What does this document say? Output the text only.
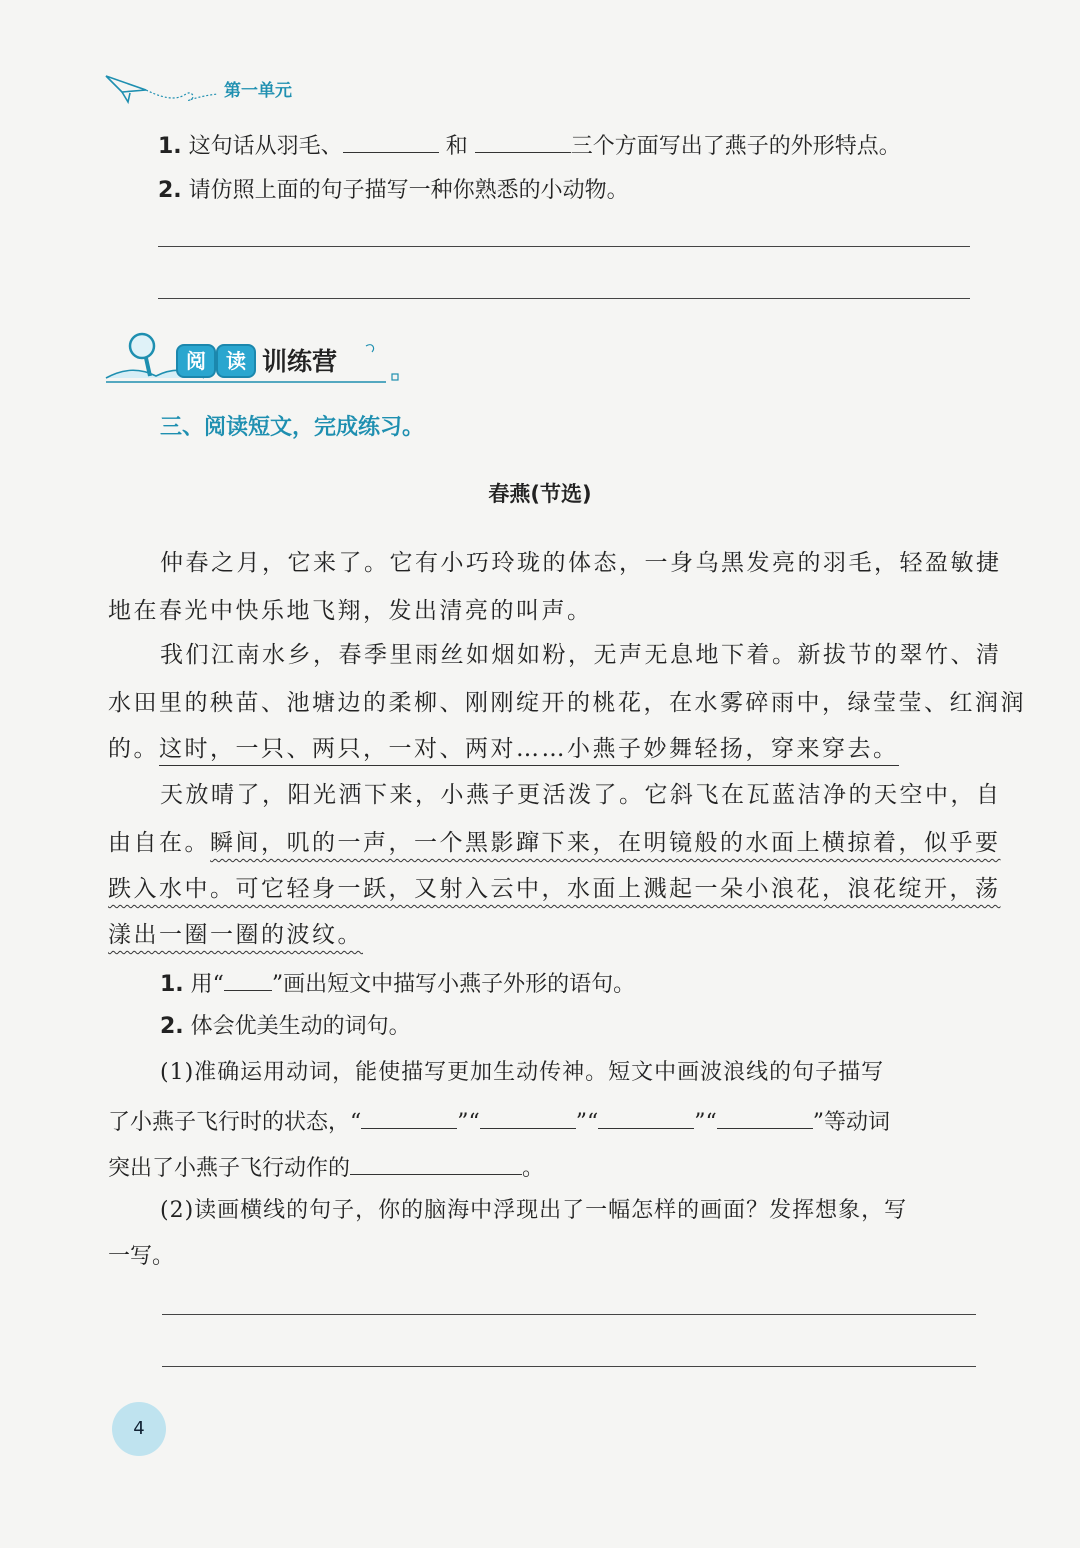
第一单元
1. 这句话从羽毛、	和	三个方面写出了燕子的外形特点。
2. 请仿照上面的句子描写一种你熟悉的小动物。
阅	读 训练营
三、阅读短文，完成练习。
春燕(节选)
仲春之月，它来了。它有小巧玲珑的体态，一身乌黑发亮的羽毛，轻盈敏捷
地在春光中快乐地飞翔，发出清亮的叫声。
我们江南水乡，春季里雨丝如烟如粉，无声无息地下着。新拔节的翠竹、清
水田里的秧苗、池塘边的柔柳、刚刚绽开的桃花，在水雾碎雨中，绿莹莹、红润润
的。这时，一只、两只，一对、两对……小燕子妙舞轻扬，穿来穿去。
天放晴了，阳光洒下来，小燕子更活泼了。它斜飞在瓦蓝洁净的天空中，自
由自在。瞬间，叽的一声，一个黑影蹿下来，在明镜般的水面上横掠着，似乎要
跌入水中。可它轻身一跃，又射入云中，水面上溅起一朵小浪花，浪花绽开，荡
漾出一圈一圈的波纹。
1. 用“ ”画出短文中描写小燕子外形的语句。
2. 体会优美生动的词句。
(1)准确运用动词，能使描写更加生动传神。短文中画波浪线的句子描写
了小燕子飞行时的状态，“	”“	”“	”“	”等动词
突出了小燕子飞行动作的	。
(2)读画横线的句子，你的脑海中浮现出了一幅怎样的画面？发挥想象，写
一写。
4
